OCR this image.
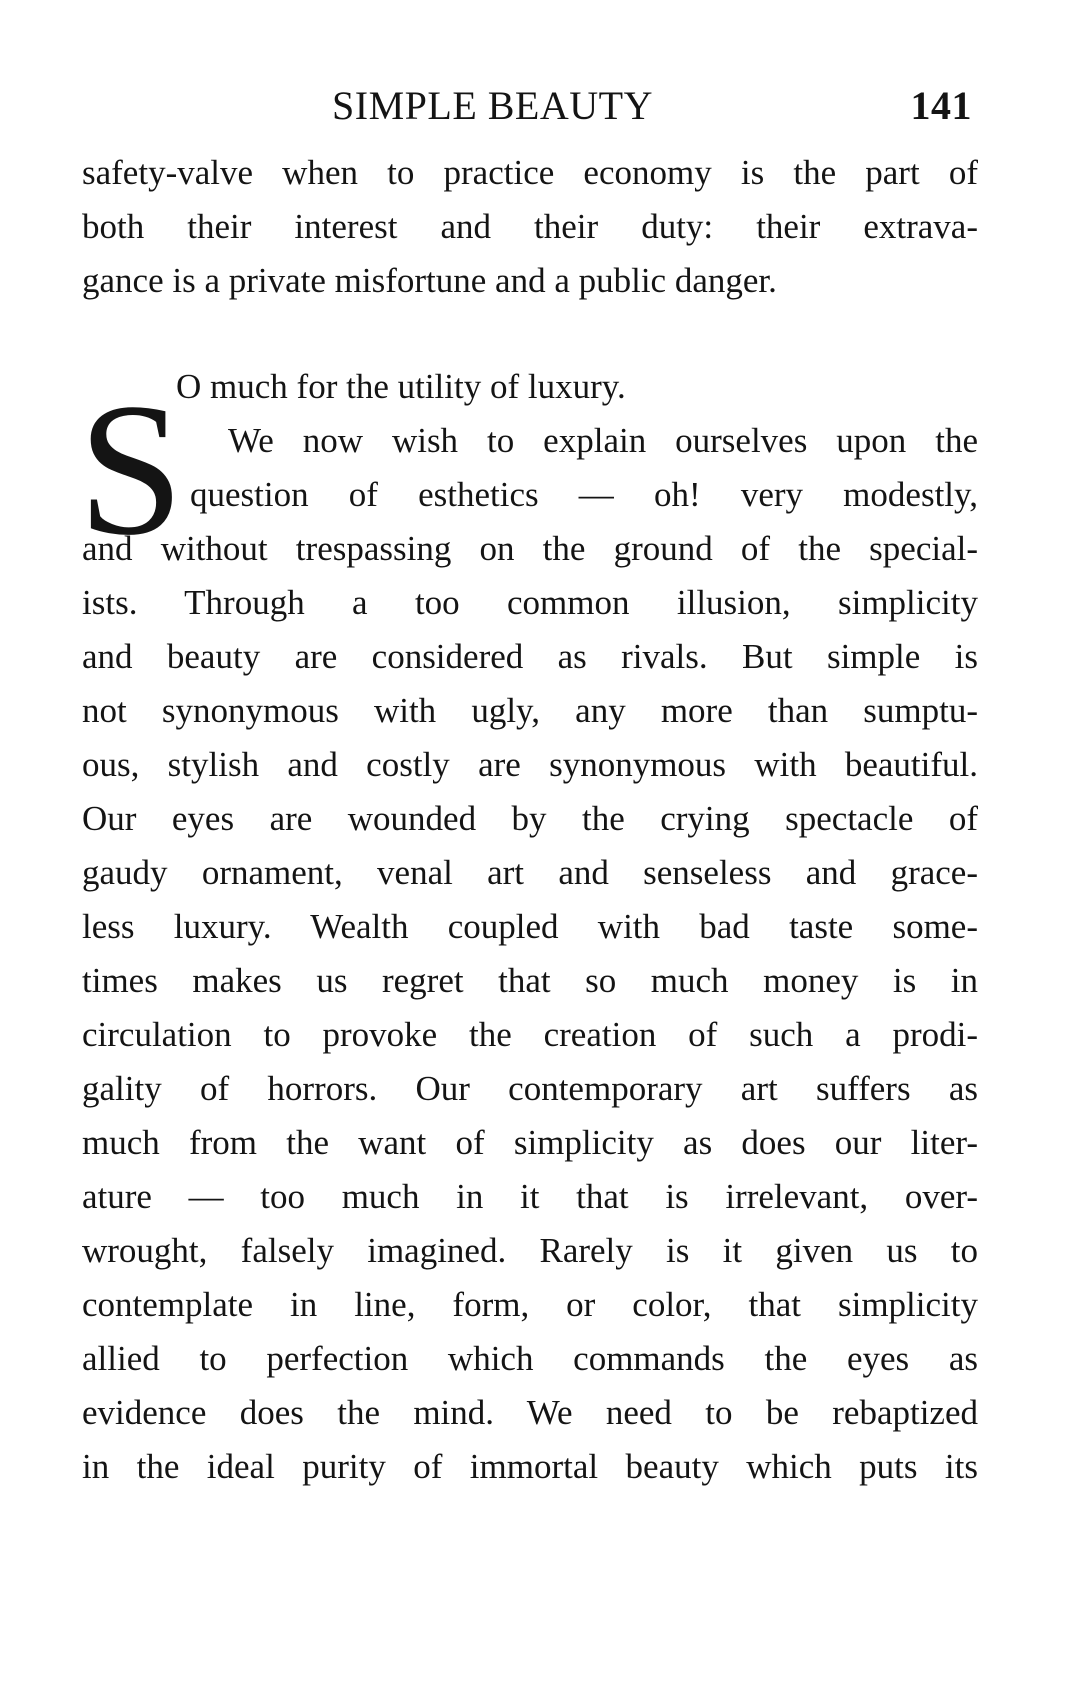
SIMPLE BEAUTY	141
S
safety-valve when to practice economy is the part of
both their interest and their duty: their extrava-
gance is a private misfortune and a public danger.
O much for the utility of luxury.
We now wish to explain ourselves upon the
question of esthetics — oh! very modestly,
and without trespassing on the ground of the special-
ists. Through a too common illusion, simplicity
and beauty are considered as rivals. But simple is
not synonymous with ugly, any more than sumptu-
ous, stylish and costly are synonymous with beautiful.
Our eyes are wounded by the crying spectacle of
gaudy ornament, venal art and senseless and grace-
less luxury. Wealth coupled with bad taste some-
times makes us regret that so much money is in
circulation to provoke the creation of such a prodi-
gality of horrors. Our contemporary art suffers as
much from the want of simplicity as does our liter-
ature — too much in it that is irrelevant, over-
wrought, falsely imagined. Rarely is it given us to
contemplate in line, form, or color, that simplicity
allied to perfection which commands the eyes as
evidence does the mind. We need to be rebaptized
in the ideal purity of immortal beauty which puts its
